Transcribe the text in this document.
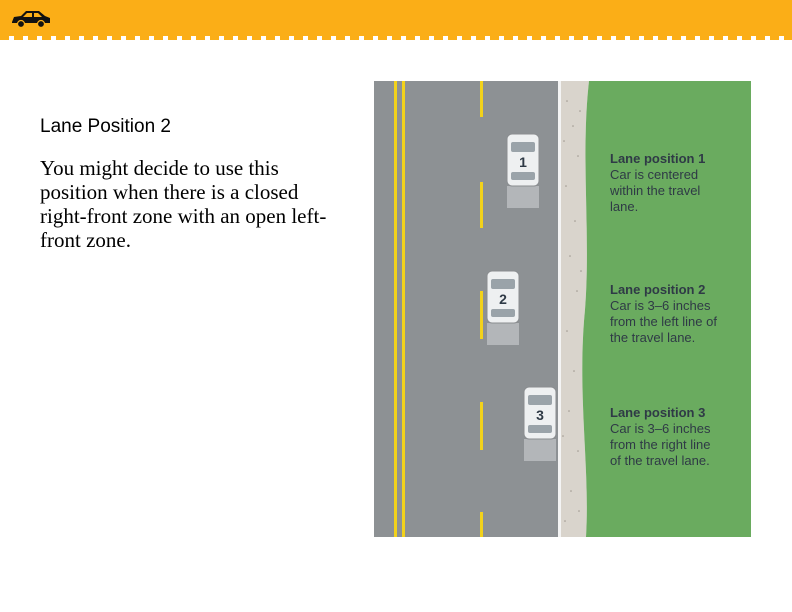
Lane Position 2
You might decide to use this position when there is a closed right-front zone with an open left-front zone.
1
2
3
Lane position 1
Car is centered
within the travel
lane.
Lane position 2
Car is 3–6 inches
from the left line of
the travel lane.
Lane position 3
Car is 3–6 inches
from the right line
of the travel lane.
